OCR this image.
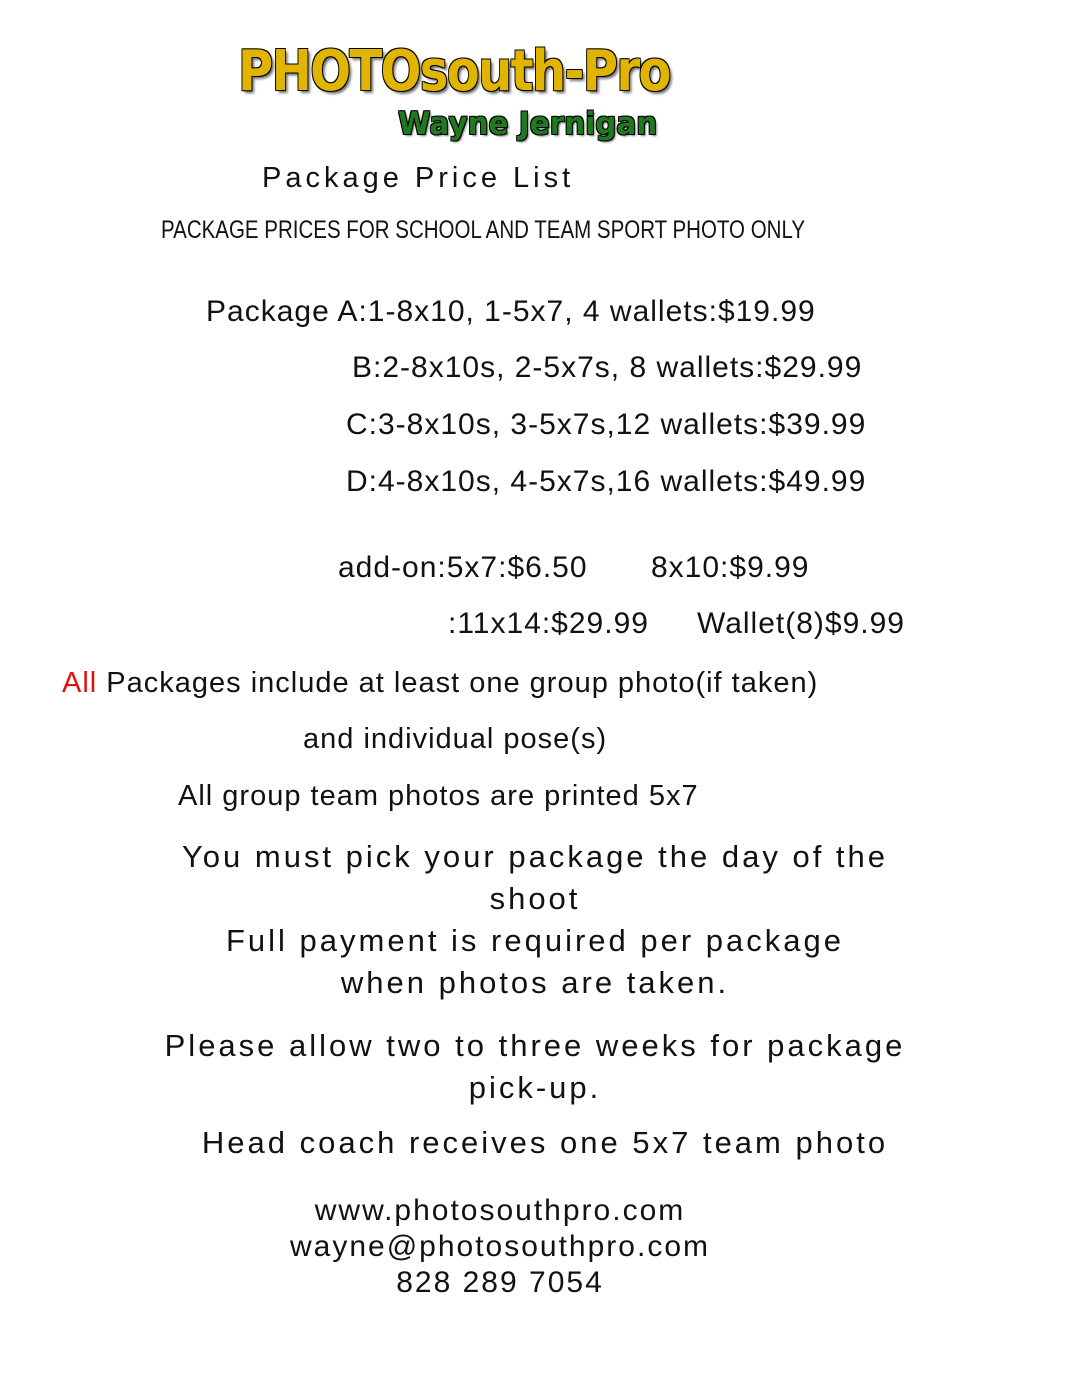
PHOTOsouth-Pro
Wayne Jernigan
Package Price List
PACKAGE PRICES FOR SCHOOL AND TEAM SPORT PHOTO ONLY
Package A:1-8x10, 1-5x7, 4 wallets:$19.99
B:2-8x10s, 2-5x7s, 8 wallets:$29.99
C:3-8x10s, 3-5x7s,12 wallets:$39.99
D:4-8x10s, 4-5x7s,16 wallets:$49.99
add-on:5x7:$6.50 8x10:$9.99
:11x14:$29.99 Wallet(8)$9.99
All Packages include at least one group photo(if taken)
and individual pose(s)
All group team photos are printed 5x7
You must pick your package the day of the
shoot
Full payment is required per package
when photos are taken.
Please allow two to three weeks for package
pick-up.
Head coach receives one 5x7 team photo
www.photosouthpro.com
wayne@photosouthpro.com
828 289 7054
